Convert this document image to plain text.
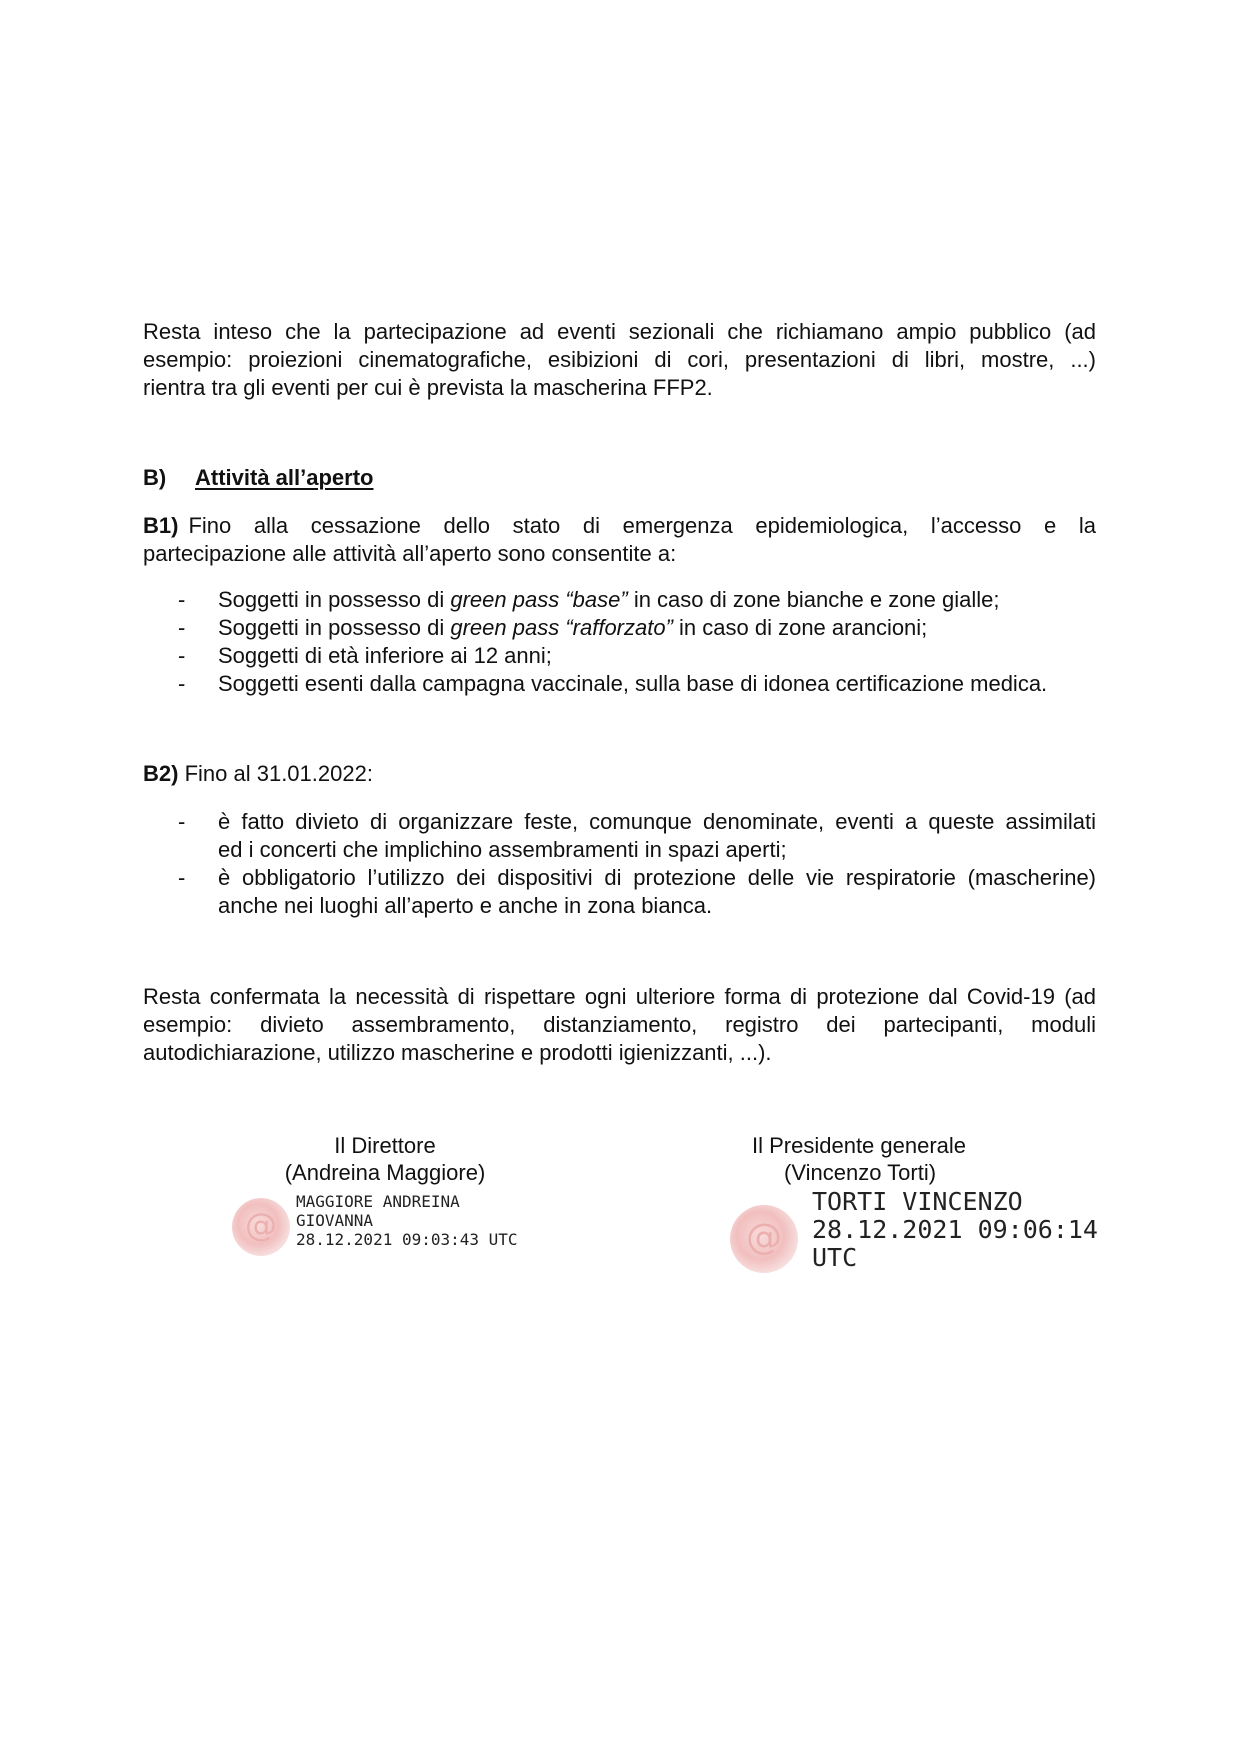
Resta inteso che la partecipazione ad eventi sezionali che richiamano ampio pubblico (ad
esempio: proiezioni cinematografiche, esibizioni di cori, presentazioni di libri, mostre, ...)
rientra tra gli eventi per cui è prevista la mascherina FFP2.
B) Attività all’aperto
B1) Fino alla cessazione dello stato di emergenza epidemiologica, l’accesso e la
partecipazione alle attività all’aperto sono consentite a:
- Soggetti in possesso di green pass “base” in caso di zone bianche e zone gialle;
- Soggetti in possesso di green pass “rafforzato” in caso di zone arancioni;
- Soggetti di età inferiore ai 12 anni;
- Soggetti esenti dalla campagna vaccinale, sulla base di idonea certificazione medica.
B2) Fino al 31.01.2022:
- è fatto divieto di organizzare feste, comunque denominate, eventi a queste assimilati
ed i concerti che implichino assembramenti in spazi aperti;
- è obbligatorio l’utilizzo dei dispositivi di protezione delle vie respiratorie (mascherine)
anche nei luoghi all’aperto e anche in zona bianca.
Resta confermata la necessità di rispettare ogni ulteriore forma di protezione dal Covid-19 (ad
esempio: divieto assembramento, distanziamento, registro dei partecipanti, moduli
autodichiarazione, utilizzo mascherine e prodotti igienizzanti, ...).
Il Direttore
(Andreina Maggiore)
@
MAGGIORE ANDREINA
GIOVANNA
28.12.2021 09:03:43 UTC
Il Presidente generale
(Vincenzo Torti)
@
TORTI VINCENZO
28.12.2021 09:06:14
UTC
